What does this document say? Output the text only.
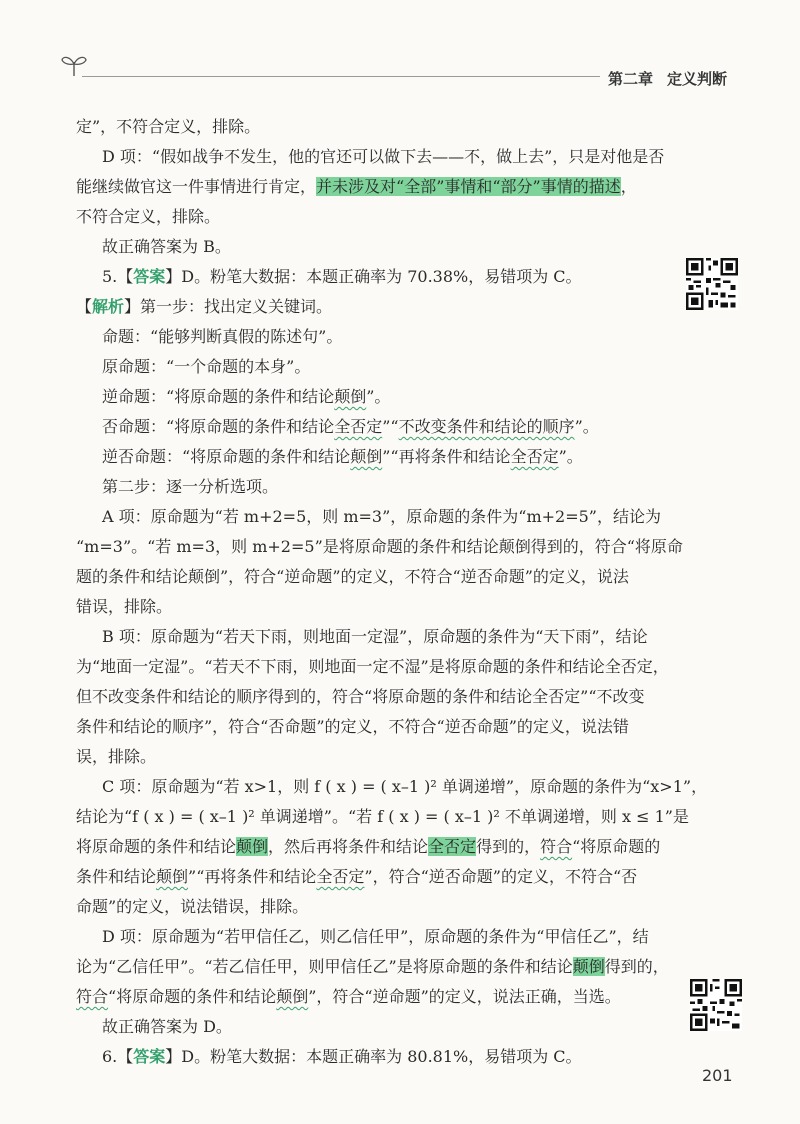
第二章 定义判断
定”，不符合定义，排除。
D 项：“假如战争不发生，他的官还可以做下去——不，做上去”，只是对他是否
能继续做官这一件事情进行肯定，并未涉及对“全部”事情和“部分”事情的描述，
不符合定义，排除。
故正确答案为 B。
5.【答案】D。粉笔大数据：本题正确率为 70.38%，易错项为 C。
【解析】第一步：找出定义关键词。
命题：“能够判断真假的陈述句”。
原命题：“一个命题的本身”。
逆命题：“将原命题的条件和结论颠倒”。
否命题：“将原命题的条件和结论全否定”“不改变条件和结论的顺序”。
逆否命题：“将原命题的条件和结论颠倒”“再将条件和结论全否定”。
第二步：逐一分析选项。
A 项：原命题为“若 m+2=5，则 m=3”，原命题的条件为“m+2=5”，结论为
“m=3”。“若 m=3，则 m+2=5”是将原命题的条件和结论颠倒得到的，符合“将原命
题的条件和结论颠倒”，符合“逆命题”的定义，不符合“逆否命题”的定义，说法
错误，排除。
B 项：原命题为“若天下雨，则地面一定湿”，原命题的条件为“天下雨”，结论
为“地面一定湿”。“若天不下雨，则地面一定不湿”是将原命题的条件和结论全否定，
但不改变条件和结论的顺序得到的，符合“将原命题的条件和结论全否定”“不改变
条件和结论的顺序”，符合“否命题”的定义，不符合“逆否命题”的定义，说法错
误，排除。
C 项：原命题为“若 x>1，则 f ( x ) = ( x–1 )² 单调递增”，原命题的条件为“x>1”，
结论为“f ( x ) = ( x–1 )² 单调递增”。“若 f ( x ) = ( x–1 )² 不单调递增，则 x ≤ 1”是
将原命题的条件和结论颠倒，然后再将条件和结论全否定得到的，符合“将原命题的
条件和结论颠倒”“再将条件和结论全否定”，符合“逆否命题”的定义，不符合“否
命题”的定义，说法错误，排除。
D 项：原命题为“若甲信任乙，则乙信任甲”，原命题的条件为“甲信任乙”，结
论为“乙信任甲”。“若乙信任甲，则甲信任乙”是将原命题的条件和结论颠倒得到的，
符合“将原命题的条件和结论颠倒”，符合“逆命题”的定义，说法正确，当选。
故正确答案为 D。
6.【答案】D。粉笔大数据：本题正确率为 80.81%，易错项为 C。
201
